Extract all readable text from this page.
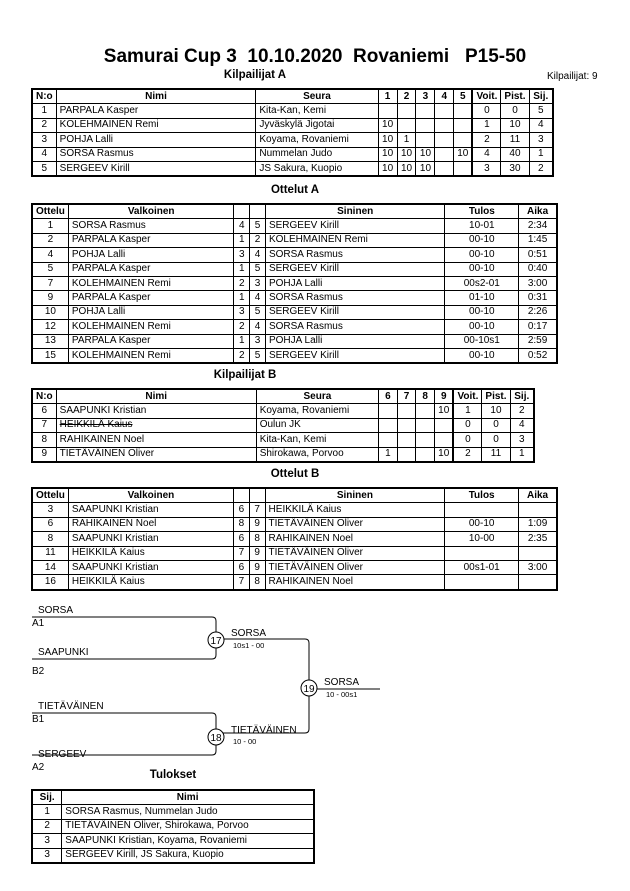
Samurai Cup 3  10.10.2020  Rovaniemi   P15-50
Kilpailijat A	Kilpailijat: 9
N:o	Nimi	Seura	1	2	3	4	5	Voit.	Pist.	Sij.
1	PARPALA Kasper	Kita-Kan, Kemi						0	0	5
2	KOLEHMAINEN Remi	Jyväskylä Jigotai	10					1	10	4
3	POHJA Lalli	Koyama, Rovaniemi	10	1				2	11	3
4	SORSA Rasmus	Nummelan Judo	10	10	10		10	4	40	1
5	SERGEEV Kirill	JS Sakura, Kuopio	10	10	10			3	30	2
Ottelut A
Ottelu	Valkoinen			Sininen	Tulos	Aika
1	SORSA Rasmus	4	5	SERGEEV Kirill	10-01	2:34
2	PARPALA Kasper	1	2	KOLEHMAINEN Remi	00-10	1:45
4	POHJA Lalli	3	4	SORSA Rasmus	00-10	0:51
5	PARPALA Kasper	1	5	SERGEEV Kirill	00-10	0:40
7	KOLEHMAINEN Remi	2	3	POHJA Lalli	00s2-01	3:00
9	PARPALA Kasper	1	4	SORSA Rasmus	01-10	0:31
10	POHJA Lalli	3	5	SERGEEV Kirill	00-10	2:26
12	KOLEHMAINEN Remi	2	4	SORSA Rasmus	00-10	0:17
13	PARPALA Kasper	1	3	POHJA Lalli	00-10s1	2:59
15	KOLEHMAINEN Remi	2	5	SERGEEV Kirill	00-10	0:52
Kilpailijat B
N:o	Nimi	Seura	6	7	8	9	Voit.	Pist.	Sij.
6	SAAPUNKI Kristian	Koyama, Rovaniemi				10	1	10	2
7	HEIKKILÄ Kaius	Oulun JK					0	0	4
8	RAHIKAINEN Noel	Kita-Kan, Kemi					0	0	3
9	TIETÄVÄINEN Oliver	Shirokawa, Porvoo	1			10	2	11	1
Ottelut B
Ottelu	Valkoinen			Sininen	Tulos	Aika
3	SAAPUNKI Kristian	6	7	HEIKKILÄ Kaius		
6	RAHIKAINEN Noel	8	9	TIETÄVÄINEN Oliver	00-10	1:09
8	SAAPUNKI Kristian	6	8	RAHIKAINEN Noel	10-00	2:35
11	HEIKKILÄ Kaius	7	9	TIETÄVÄINEN Oliver		
14	SAAPUNKI Kristian	6	9	TIETÄVÄINEN Oliver	00s1-01	3:00
16	HEIKKILÄ Kaius	7	8	RAHIKAINEN Noel		
SORSA
A1
SAAPUNKI
B2
17
SORSA
10s1 - 00
TIETÄVÄINEN
B1
SERGEEV
A2
18
TIETÄVÄINEN
10 - 00
19
SORSA
10 - 00s1
Tulokset
Sij.	Nimi
1	SORSA Rasmus, Nummelan Judo
2	TIETÄVÄINEN Oliver, Shirokawa, Porvoo
3	SAAPUNKI Kristian, Koyama, Rovaniemi
3	SERGEEV Kirill, JS Sakura, Kuopio
